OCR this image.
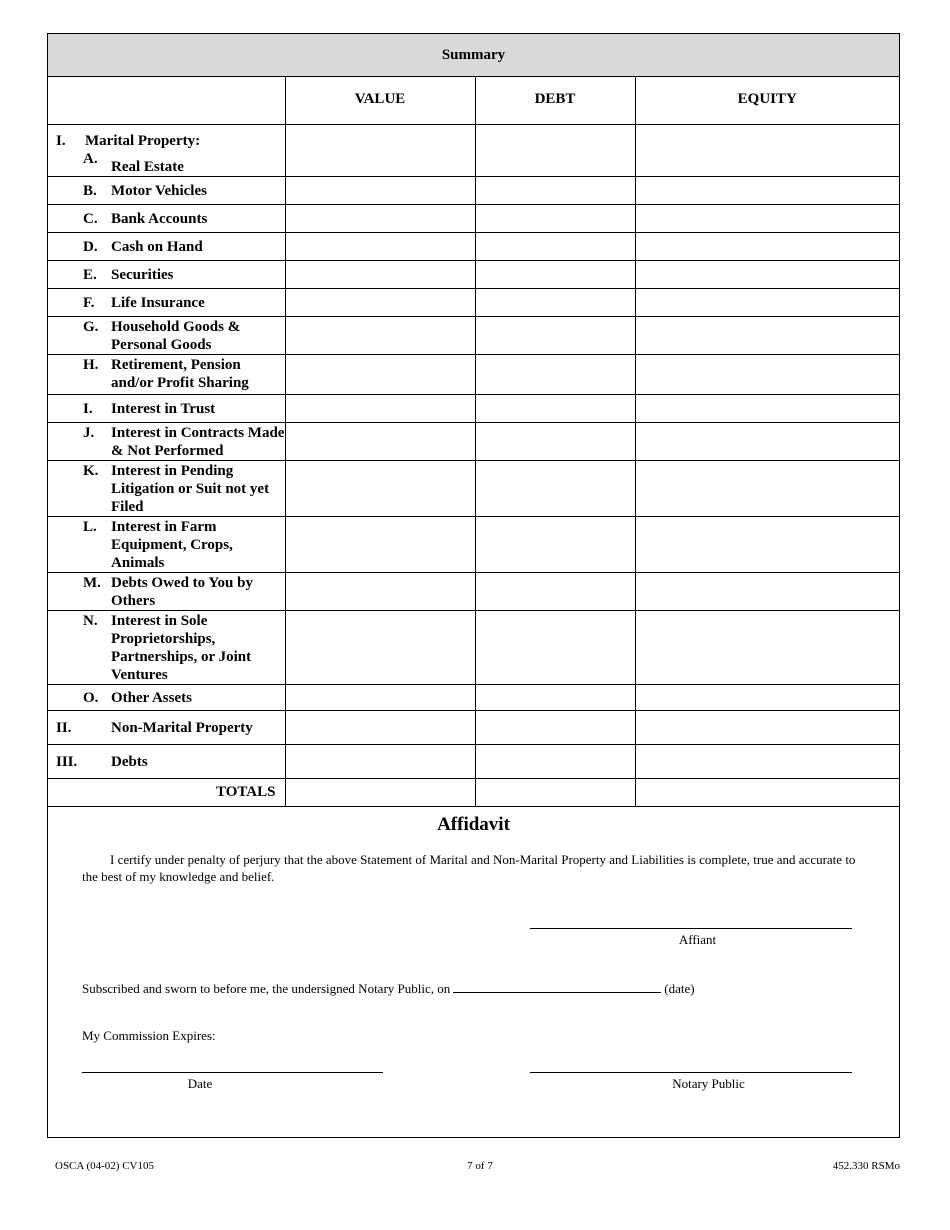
Summary
	VALUE	DEBT	EQUITY

I. Marital Property:
A. Real Estate			

B. Motor Vehicles			

C. Bank Accounts			

D. Cash on Hand			

E. Securities			

F. Life Insurance			

G. Household Goods & Personal Goods			

H. Retirement, Pension and/or Profit Sharing			

I. Interest in Trust			

J. Interest in Contracts Made & Not Performed			

K. Interest in Pending Litigation or Suit not yet Filed			

L. Interest in Farm Equipment, Crops, Animals			

M. Debts Owed to You by Others			

N. Interest in Sole Proprietorships, Partnerships, or Joint Ventures			

O. Other Assets			

II. Non-Marital Property			

III. Debts			

TOTALS			
Affidavit
I certify under penalty of perjury that the above Statement of Marital and Non-Marital Property and Liabilities is complete, true and accurate to the best of my knowledge and belief.
Affiant
Subscribed and sworn to before me, the undersigned Notary Public, on	(date)
My Commission Expires:
Date	Notary Public
OSCA (04-02) CV105	7 of 7	452.330 RSMo
